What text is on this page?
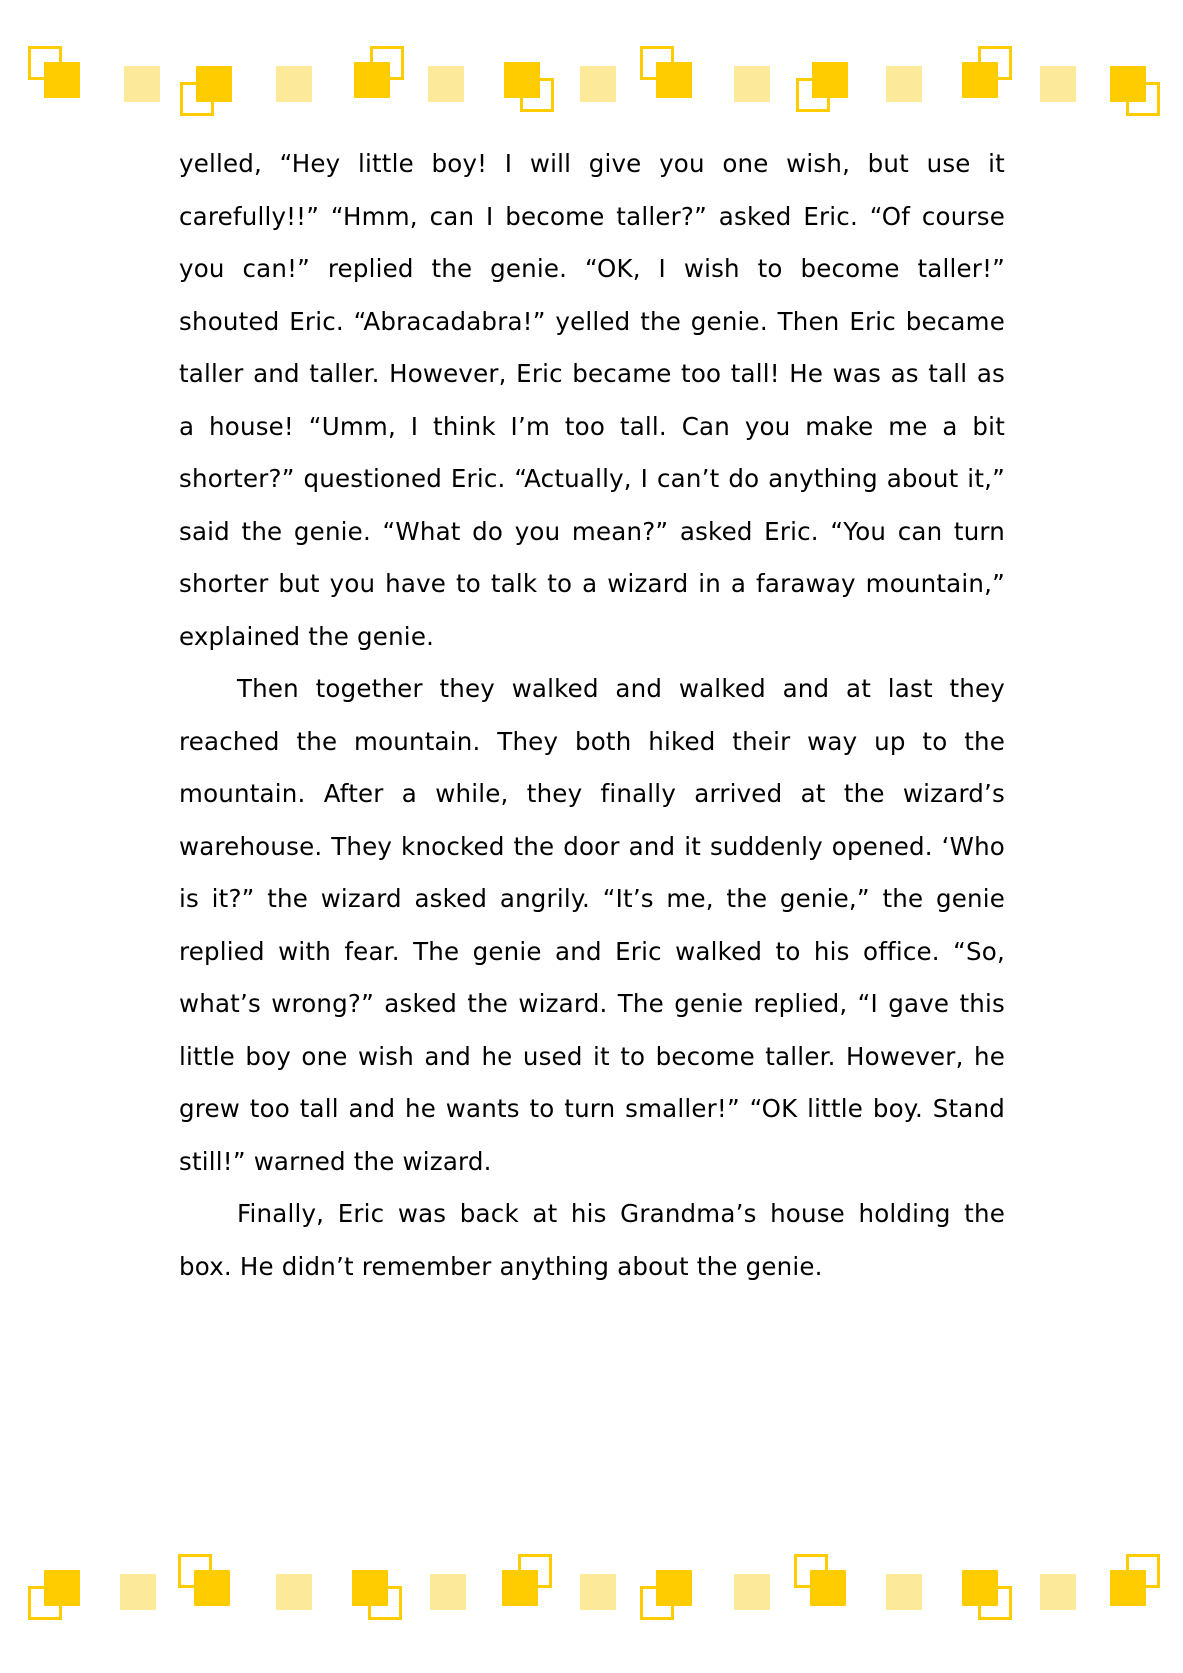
yelled, “Hey little boy! I will give you one wish, but use it carefully!!” “Hmm, can I become taller?” asked Eric. “Of course you can!” replied the genie. “OK, I wish to become taller!” shouted Eric. “Abracadabra!” yelled the genie. Then Eric became taller and taller. However, Eric became too tall! He was as tall as a house! “Umm, I think I’m too tall. Can you make me a bit shorter?” questioned Eric. “Actually, I can’t do anything about it,” said the genie. “What do you mean?” asked Eric. “You can turn shorter but you have to talk to a wizard in a faraway mountain,” explained the genie.

Then together they walked and walked and at last they reached the mountain. They both hiked their way up to the mountain. After a while, they finally arrived at the wizard’s warehouse. They knocked the door and it suddenly opened. ‘Who is it?” the wizard asked angrily. “It’s me, the genie,” the genie replied with fear. The genie and Eric walked to his office. “So, what’s wrong?” asked the wizard. The genie replied, “I gave this little boy one wish and he used it to become taller. However, he grew too tall and he wants to turn smaller!” “OK little boy. Stand still!” warned the wizard.

Finally, Eric was back at his Grandma’s house holding the box. He didn’t remember anything about the genie.
